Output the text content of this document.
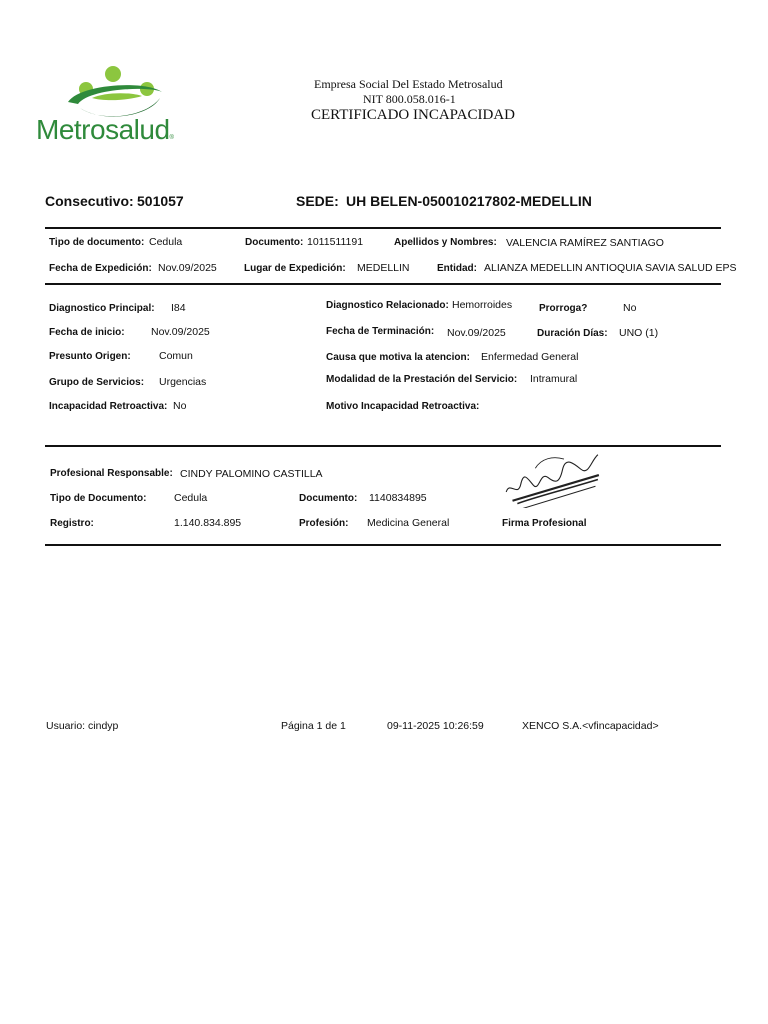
Metrosalud®
Empresa Social Del Estado Metrosalud
NIT 800.058.016-1
CERTIFICADO INCAPACIDAD
Consecutivo: 501057	SEDE: UH BELEN-050010217802-MEDELLIN
Tipo de documento: Cedula	Documento: 1011511191	Apellidos y Nombres: VALENCIA RAMÍREZ SANTIAGO
Fecha de Expedición: Nov.09/2025	Lugar de Expedición: MEDELLIN	Entidad: ALIANZA MEDELLIN ANTIOQUIA SAVIA SALUD EPS
Diagnostico Principal: I84	Diagnostico Relacionado: Hemorroides	Prorroga?	No
Fecha de inicio:	Nov.09/2025	Fecha de Terminación: Nov.09/2025	Duración Días: UNO (1)
Presunto Origen:	Comun	Causa que motiva la atencion: Enfermedad General
Grupo de Servicios: Urgencias	Modalidad de la Prestación del Servicio: Intramural
Incapacidad Retroactiva: No	Motivo Incapacidad Retroactiva:
Profesional Responsable: CINDY PALOMINO CASTILLA
Tipo de Documento:	Cedula	Documento: 1140834895
Registro:	1.140.834.895	Profesión: Medicina General	Firma Profesional
Usuario: cindyp	Página 1 de 1	09-11-2025 10:26:59	XENCO S.A.<vfincapacidad>
